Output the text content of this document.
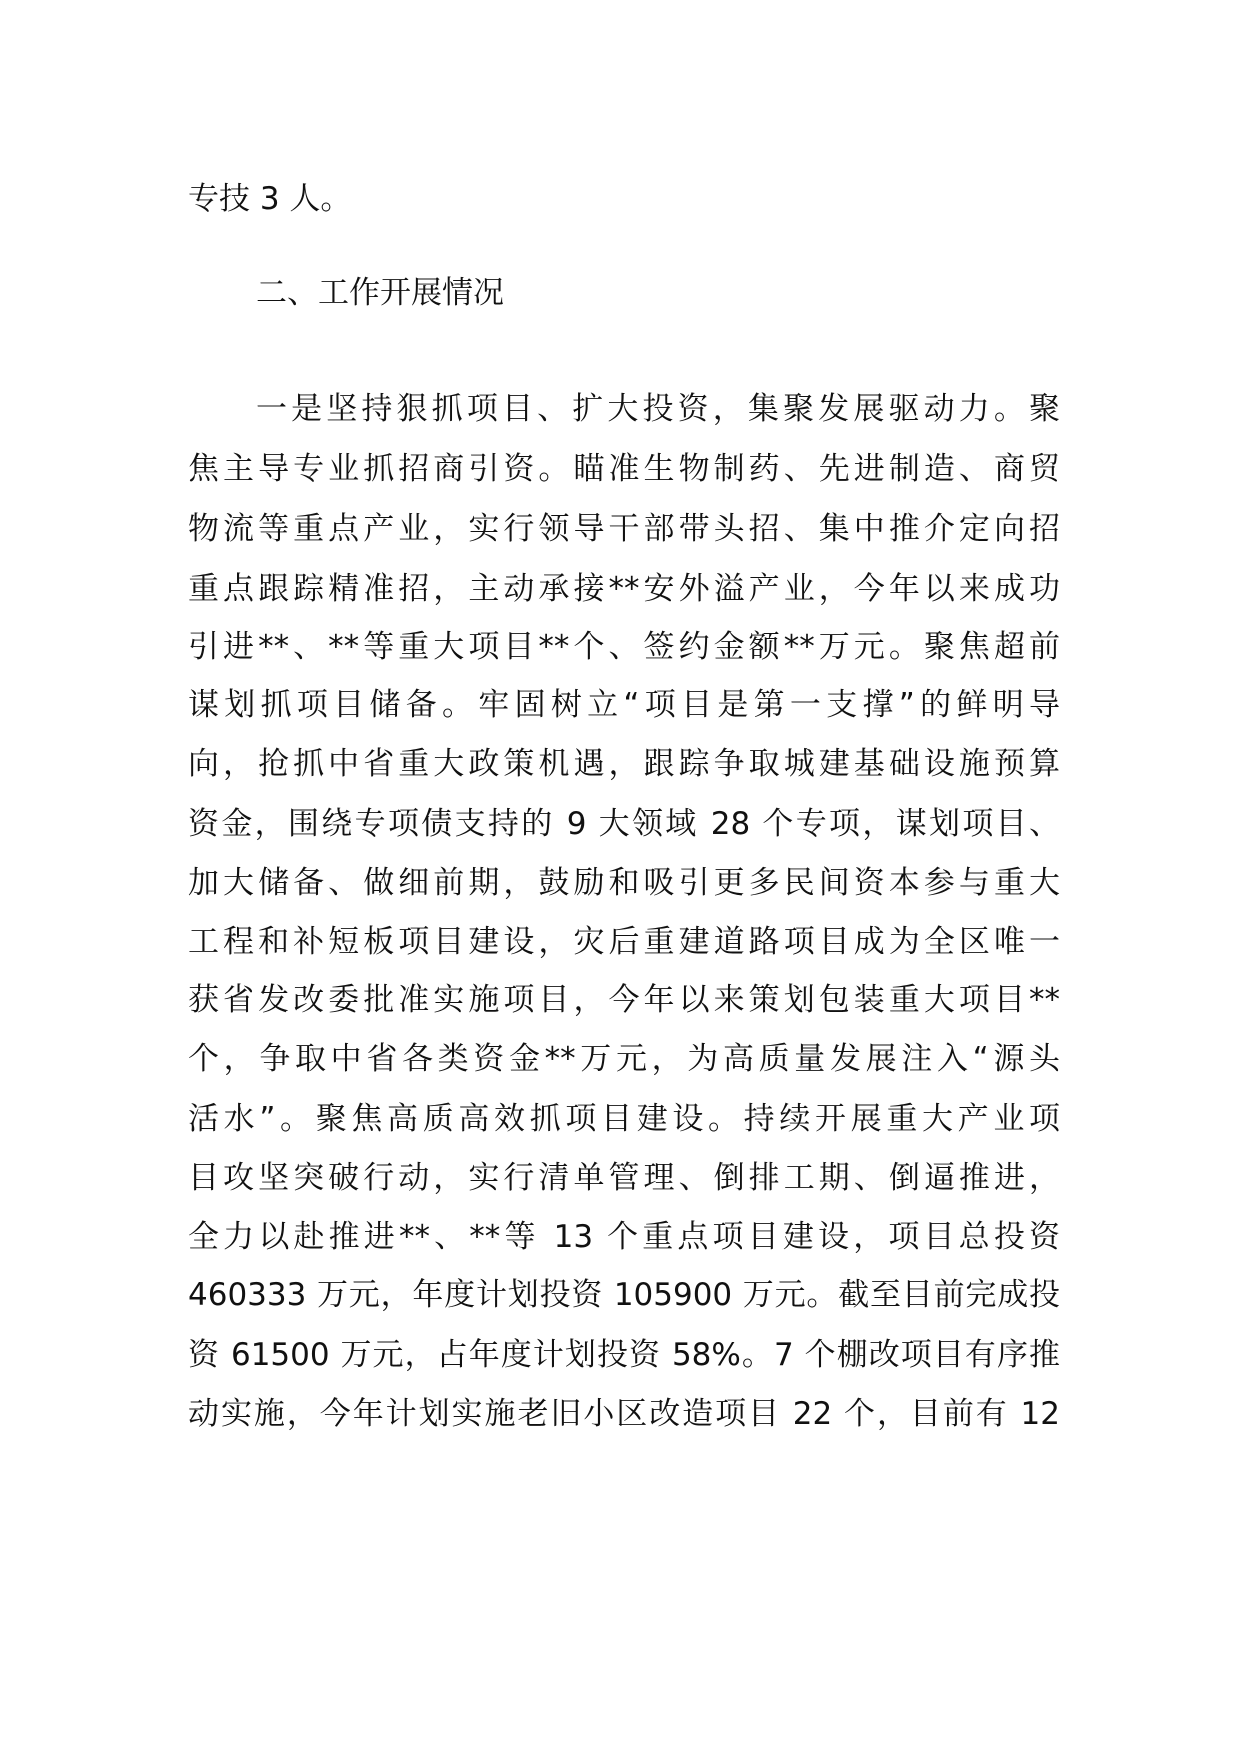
专技 3 人。
二、工作开展情况
一是坚持狠抓项目、扩大投资，集聚发展驱动力。聚
焦主导专业抓招商引资。瞄准生物制药、先进制造、商贸
物流等重点产业，实行领导干部带头招、集中推介定向招
重点跟踪精准招，主动承接**安外溢产业，今年以来成功
引进**、**等重大项目**个、签约金额**万元。聚焦超前
谋划抓项目储备。牢固树立“项目是第一支撑”的鲜明导
向，抢抓中省重大政策机遇，跟踪争取城建基础设施预算
资金，围绕专项债支持的 9 大领域 28 个专项，谋划项目、
加大储备、做细前期，鼓励和吸引更多民间资本参与重大
工程和补短板项目建设，灾后重建道路项目成为全区唯一
获省发改委批准实施项目，今年以来策划包装重大项目**
个，争取中省各类资金**万元，为高质量发展注入“源头
活水”。聚焦高质高效抓项目建设。持续开展重大产业项
目攻坚突破行动，实行清单管理、倒排工期、倒逼推进，
全力以赴推进**、**等 13 个重点项目建设，项目总投资
460333 万元，年度计划投资 105900 万元。截至目前完成投
资 61500 万元，占年度计划投资 58%。7 个棚改项目有序推
动实施，今年计划实施老旧小区改造项目 22 个，目前有 12
